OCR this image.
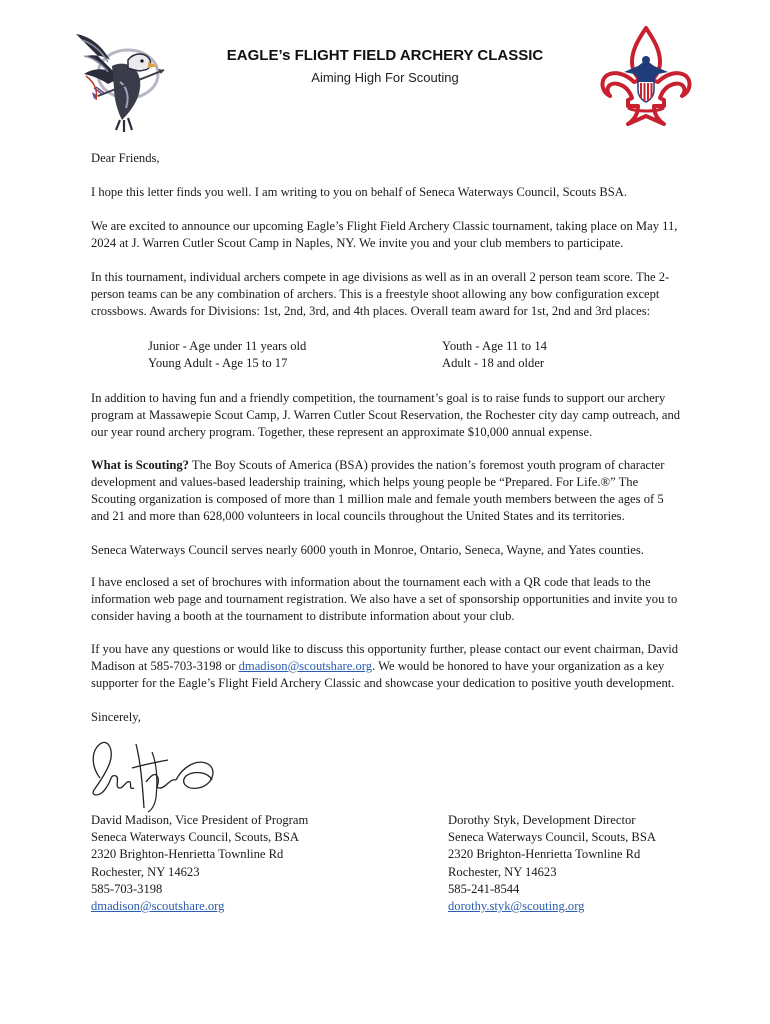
EAGLE’s FLIGHT FIELD ARCHERY CLASSIC
Aiming High For Scouting

Dear Friends,

I hope this letter finds you well. I am writing to you on behalf of Seneca Waterways Council, Scouts BSA.

We are excited to announce our upcoming Eagle’s Flight Field Archery Classic tournament, taking place on May 11, 2024 at J. Warren Cutler Scout Camp in Naples, NY. We invite you and your club members to participate.

In this tournament, individual archers compete in age divisions as well as in an overall 2 person team score. The 2-person teams can be any combination of archers. This is a freestyle shoot allowing any bow configuration except crossbows. Awards for Divisions: 1st, 2nd, 3rd, and 4th places. Overall team award for 1st, 2nd and 3rd places:

Junior - Age under 11 years old
Young Adult - Age 15 to 17
Youth - Age 11 to 14
Adult - 18 and older

In addition to having fun and a friendly competition, the tournament’s goal is to raise funds to support our archery program at Massawepie Scout Camp, J. Warren Cutler Scout Reservation, the Rochester city day camp outreach, and our year round archery program. Together, these represent an approximate $10,000 annual expense.

What is Scouting? The Boy Scouts of America (BSA) provides the nation’s foremost youth program of character development and values-based leadership training, which helps young people be “Prepared. For Life.®” The Scouting organization is composed of more than 1 million male and female youth members between the ages of 5 and 21 and more than 628,000 volunteers in local councils throughout the United States and its territories.

Seneca Waterways Council serves nearly 6000 youth in Monroe, Ontario, Seneca, Wayne, and Yates counties.

I have enclosed a set of brochures with information about the tournament each with a QR code that leads to the information web page and tournament registration. We also have a set of sponsorship opportunities and invite you to consider having a booth at the tournament to distribute information about your club.

If you have any questions or would like to discuss this opportunity further, please contact our event chairman, David Madison at 585-703-3198 or dmadison@scoutshare.org. We would be honored to have your organization as a key supporter for the Eagle’s Flight Field Archery Classic and showcase your dedication to positive youth development.

Sincerely,

David Madison, Vice President of Program
Seneca Waterways Council, Scouts, BSA
2320 Brighton-Henrietta Townline Rd
Rochester, NY 14623
585-703-3198
dmadison@scoutshare.org
Dorothy Styk, Development Director
Seneca Waterways Council, Scouts, BSA
2320 Brighton-Henrietta Townline Rd
Rochester, NY 14623
585-241-8544
dorothy.styk@scouting.org
